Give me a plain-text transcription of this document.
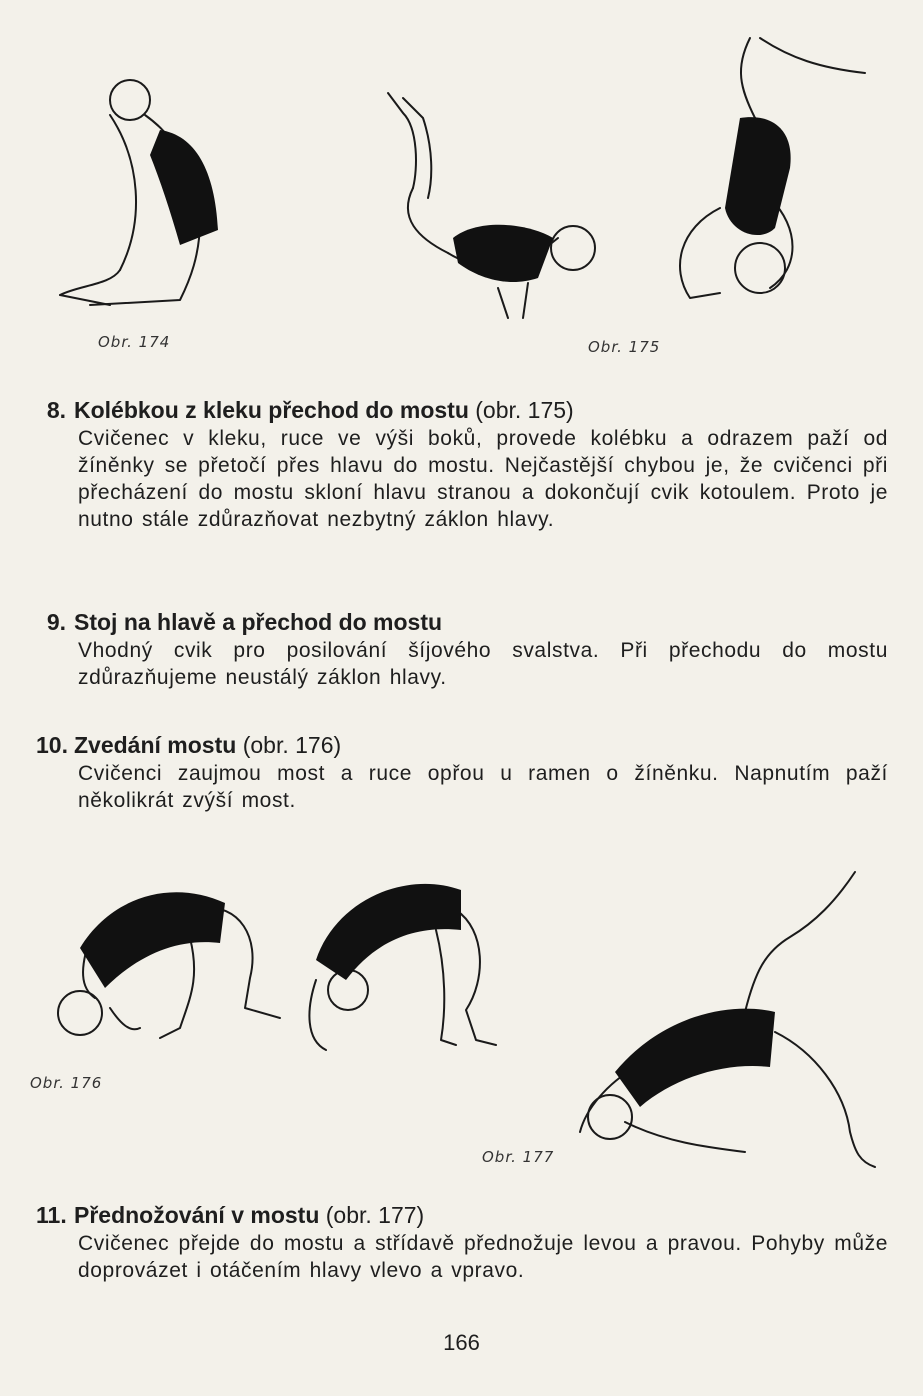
Obr. 174	Obr. 175
8. Kolébkou z kleku přechod do mostu (obr. 175)
Cvičenec v kleku, ruce ve výši boků, provede kolébku a odrazem paží od žíněnky se přetočí přes hlavu do mostu. Nejčastější chybou je, že cvičenci při přecházení do mostu skloní hlavu stranou a dokončují cvik kotoulem. Proto je nutno stále zdůrazňovat nezbytný záklon hlavy.
9. Stoj na hlavě a přechod do mostu
Vhodný cvik pro posilování šíjového svalstva. Při přechodu do mostu zdůrazňujeme neustálý záklon hlavy.
10. Zvedání mostu (obr. 176)
Cvičenci zaujmou most a ruce opřou u ramen o žíněnku. Napnutím paží několikrát zvýší most.
Obr. 176
Obr. 177
11. Přednožování v mostu (obr. 177)
Cvičenec přejde do mostu a střídavě přednožuje levou a pravou. Pohyby může doprovázet i otáčením hlavy vlevo a vpravo.
166
